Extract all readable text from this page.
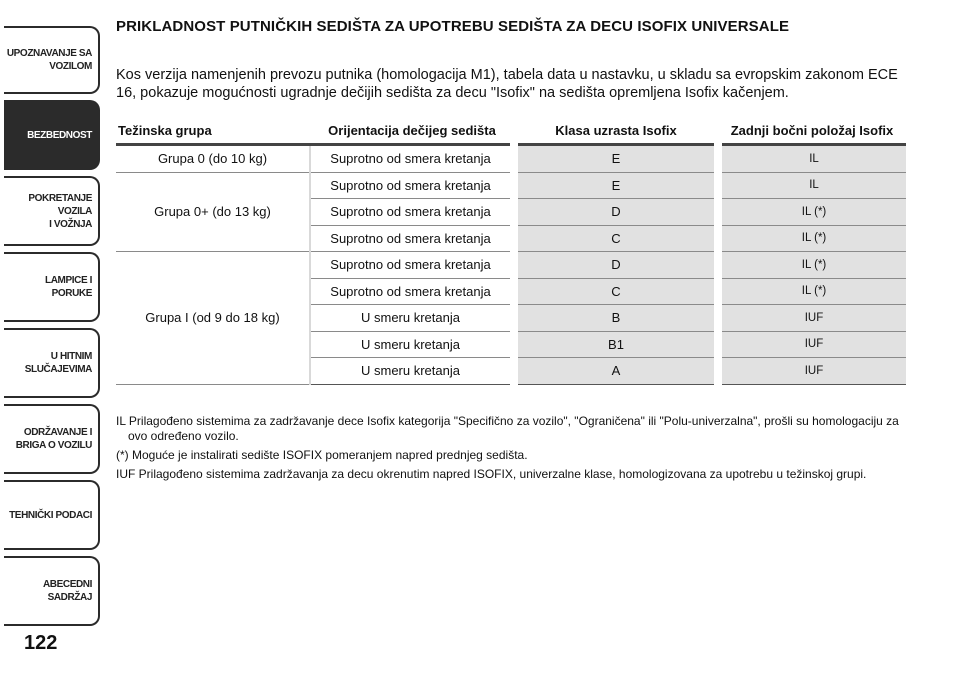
UPOZNAVANJE SA
VOZILOM
BEZBEDNOST
POKRETANJE VOZILA
I VOŽNJA
LAMPICE I PORUKE
U HITNIM
SLUČAJEVIMA
ODRŽAVANJE I
BRIGA O VOZILU
TEHNIČKI PODACI
ABECEDNI SADRŽAJ
122
PRIKLADNOST PUTNIČKIH SEDIŠTA ZA UPOTREBU SEDIŠTA ZA DECU ISOFIX UNIVERSALE
Kos verzija namenjenih prevozu putnika (homologacija M1), tabela data u nastavku, u skladu sa evropskim zakonom ECE 16, pokazuje mogućnosti ugradnje dečijih sedišta za decu "Isofix" na sedišta opremljena Isofix kačenjem.
Težinska grupa	Orijentacija dečijeg sedišta	Klasa uzrasta Isofix	Zadnji bočni položaj Isofix
Grupa 0 (do 10 kg)	Suprotno od smera kretanja	E	IL
Grupa 0+ (do 13 kg)	Suprotno od smera kretanja	E	IL
	Suprotno od smera kretanja	D	IL (*)
	Suprotno od smera kretanja	C	IL (*)
Grupa I (od 9 do 18 kg)	Suprotno od smera kretanja	D	IL (*)
	Suprotno od smera kretanja	C	IL (*)
	U smeru kretanja	B	IUF
	U smeru kretanja	B1	IUF
	U smeru kretanja	A	IUF

IL Prilagođeno sistemima za zadržavanje dece Isofix kategorija "Specifično za vozilo", "Ograničena" ili "Polu-univerzalna", prošli su homologaciju za ovo određeno vozilo.

(*) Moguće je instalirati sedište ISOFIX pomeranjem napred prednjeg sedišta.

IUF Prilagođeno sistemima zadržavanja za decu okrenutim napred ISOFIX, univerzalne klase, homologizovana za upotrebu u težinskoj grupi.
